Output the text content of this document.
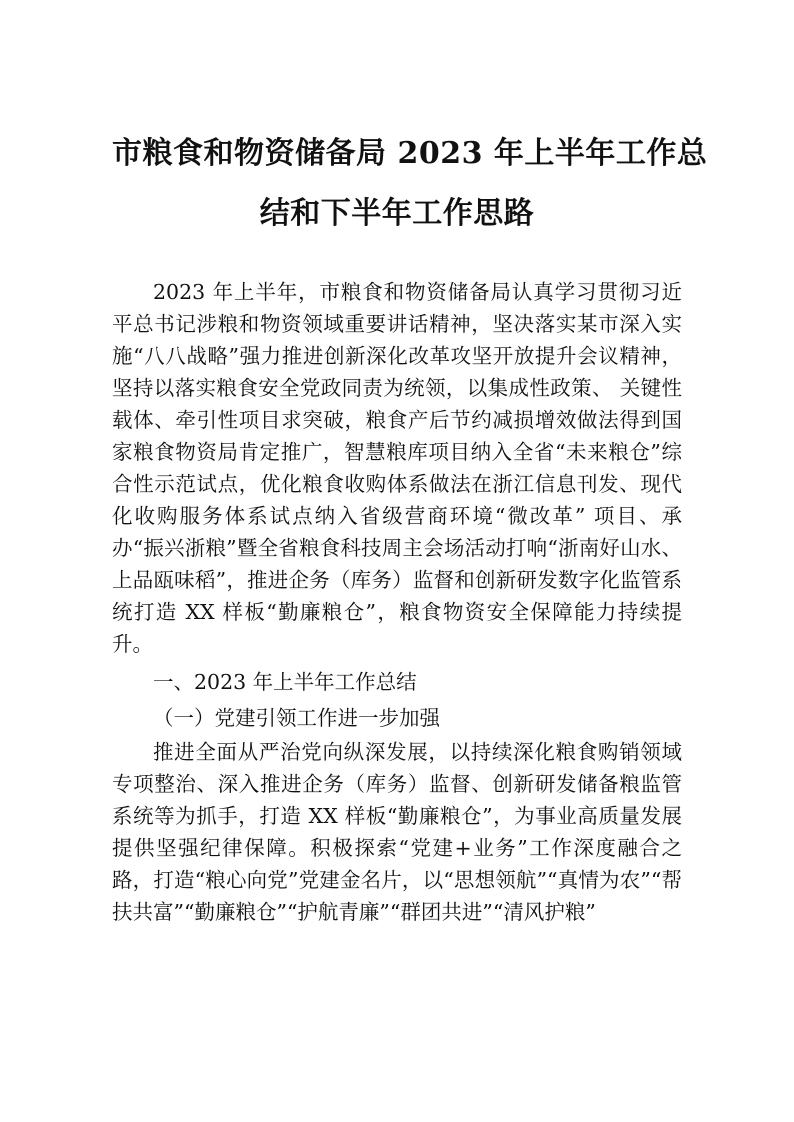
市粮食和物资储备局 2023 年上半年工作总
结和下半年工作思路

2023 年上半年，市粮食和物资储备局认真学习贯彻习近平总书记涉粮和物资领域重要讲话精神，坚决落实某市深入实施“八八战略”强力推进创新深化改革攻坚开放提升会议精神，坚持以落实粮食安全党政同责为统领，以集成性政策、 关键性载体、牵引性项目求突破，粮食产后节约减损增效做法得到国家粮食物资局肯定推广，智慧粮库项目纳入全省“未来粮仓”综合性示范试点，优化粮食收购体系做法在浙江信息刊发、现代化收购服务体系试点纳入省级营商环境“微改革” 项目、承办“振兴浙粮”暨全省粮食科技周主会场活动打响“浙南好山水、上品瓯味稻”，推进企务（库务）监督和创新研发数字化监管系统打造 XX 样板“勤廉粮仓”，粮食物资安全保障能力持续提升。

一、2023 年上半年工作总结

（一）党建引领工作进一步加强

推进全面从严治党向纵深发展，以持续深化粮食购销领域专项整治、深入推进企务（库务）监督、创新研发储备粮监管系统等为抓手，打造 XX 样板“勤廉粮仓”，为事业高质量发展提供坚强纪律保障。积极探索“党建+业务”工作深度融合之路，打造“粮心向党”党建金名片，以“思想领航”“真情为农”“帮扶共富”“勤廉粮仓”“护航青廉”“群团共进”“清风护粮”
